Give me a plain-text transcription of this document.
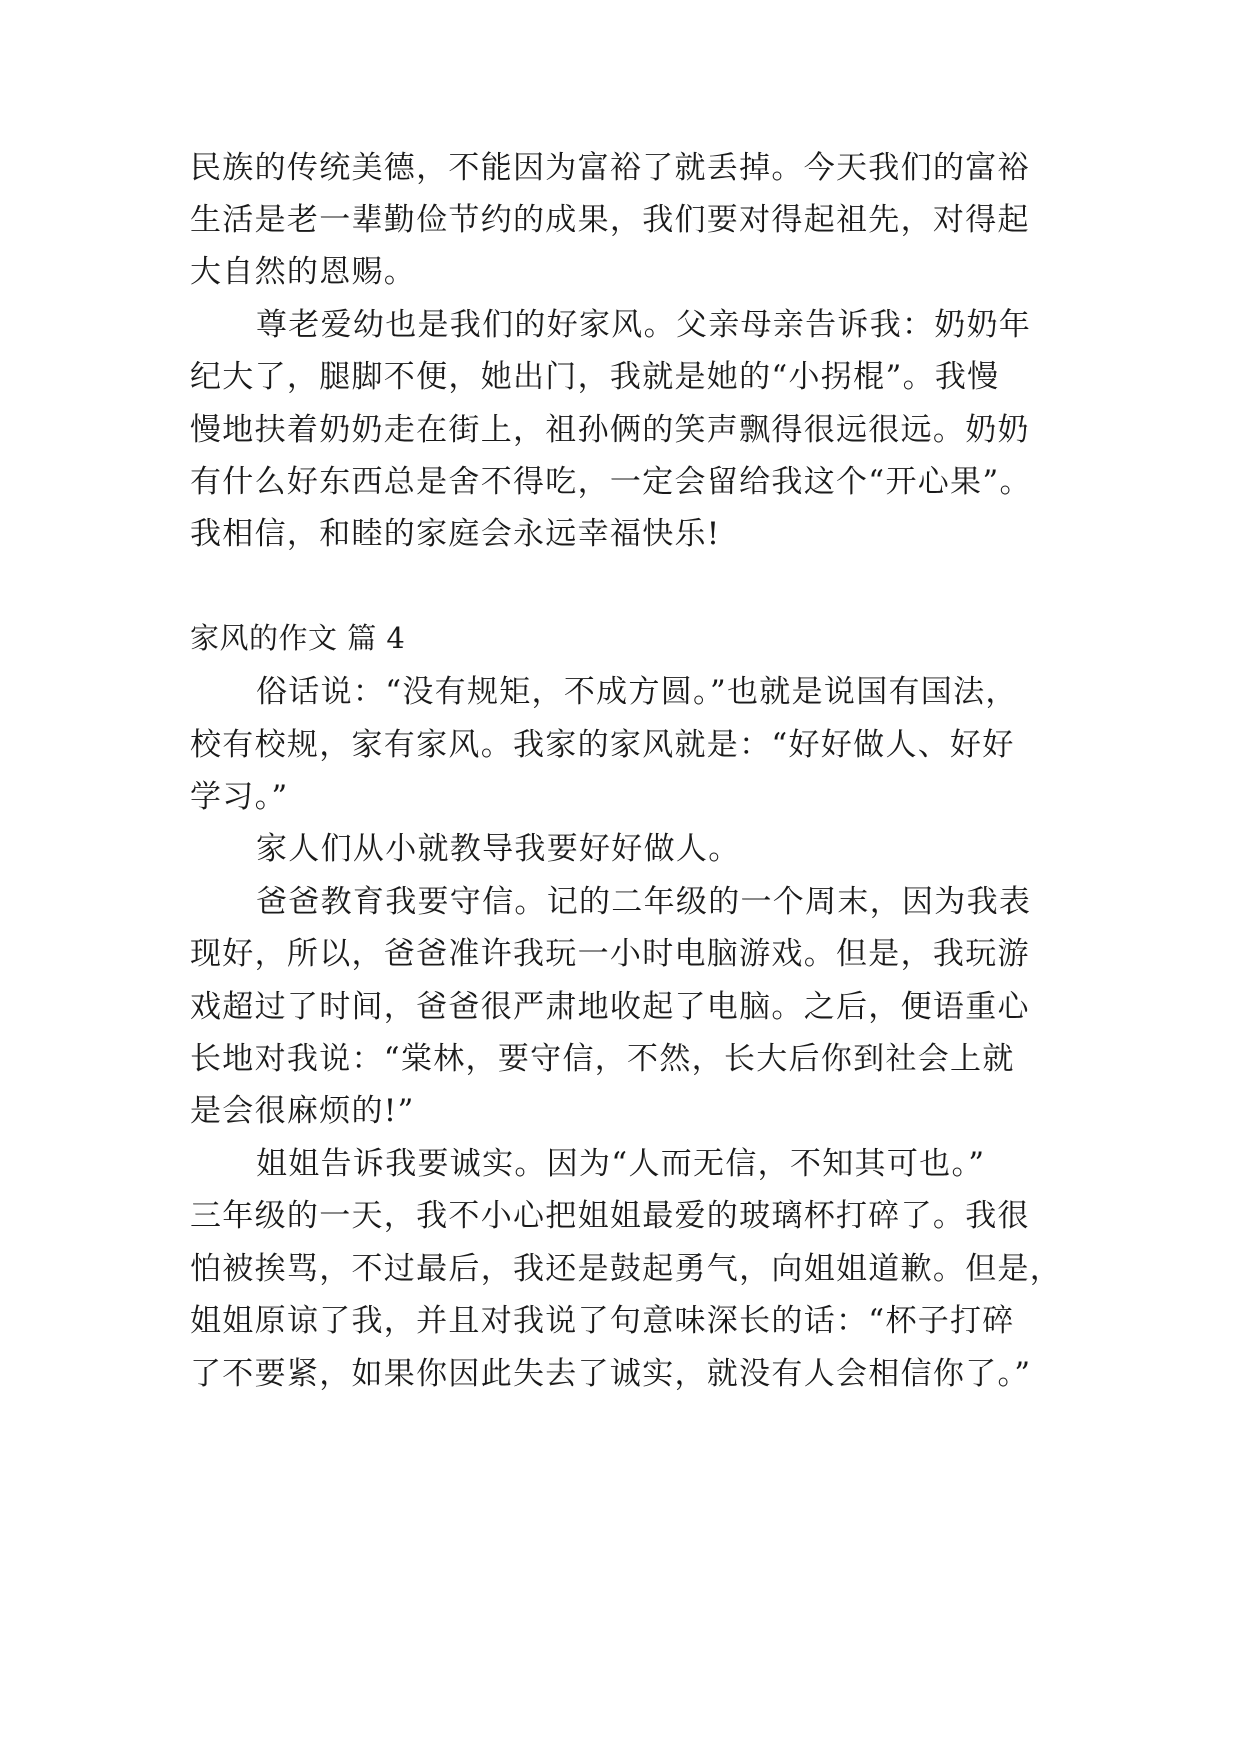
民族的传统美德，不能因为富裕了就丢掉。今天我们的富裕
生活是老一辈勤俭节约的成果，我们要对得起祖先，对得起
大自然的恩赐。
尊老爱幼也是我们的好家风。父亲母亲告诉我：奶奶年
纪大了，腿脚不便，她出门，我就是她的“小拐棍”。我慢
慢地扶着奶奶走在街上，祖孙俩的笑声飘得很远很远。奶奶
有什么好东西总是舍不得吃，一定会留给我这个“开心果”。
我相信，和睦的家庭会永远幸福快乐!
家风的作文 篇 4
俗话说：“没有规矩，不成方圆。”也就是说国有国法，
校有校规，家有家风。我家的家风就是：“好好做人、好好
学习。”
家人们从小就教导我要好好做人。
爸爸教育我要守信。记的二年级的一个周末，因为我表
现好，所以，爸爸准许我玩一小时电脑游戏。但是，我玩游
戏超过了时间，爸爸很严肃地收起了电脑。之后，便语重心
长地对我说：“棠林，要守信，不然，长大后你到社会上就
是会很麻烦的!”
姐姐告诉我要诚实。因为“人而无信，不知其可也。”
三年级的一天，我不小心把姐姐最爱的玻璃杯打碎了。我很
怕被挨骂，不过最后，我还是鼓起勇气，向姐姐道歉。但是，
姐姐原谅了我，并且对我说了句意味深长的话：“杯子打碎
了不要紧，如果你因此失去了诚实，就没有人会相信你了。”
